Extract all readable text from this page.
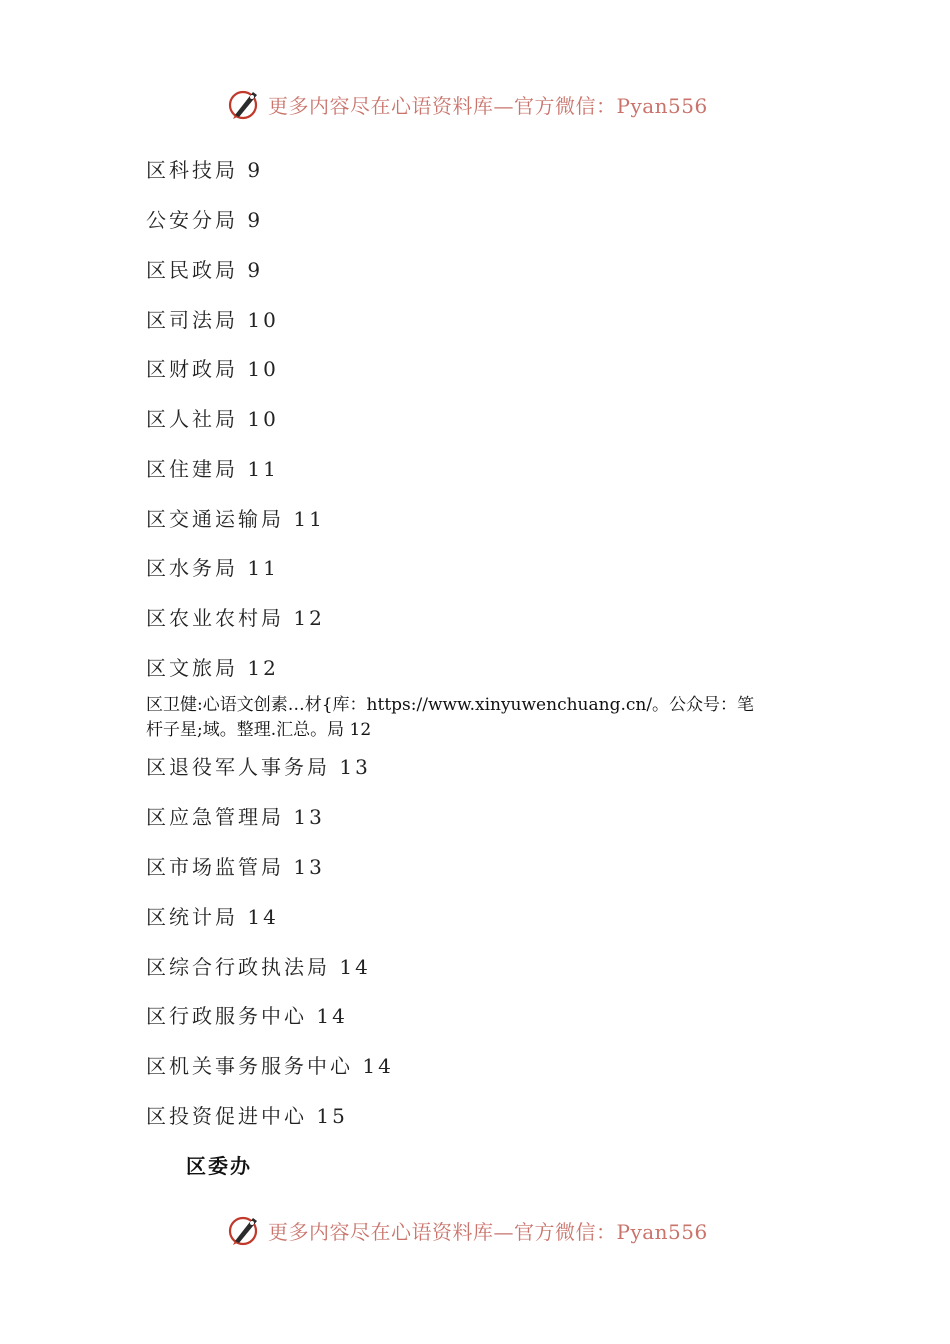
更多内容尽在心语资料库—官方微信：Pyan556
区科技局 9
公安分局 9
区民政局 9
区司法局 10
区财政局 10
区人社局 10
区住建局 11
区交通运输局 11
区水务局 11
区农业农村局 12
区文旅局 12
区退役军人事务局 13
区应急管理局 13
区市场监管局 13
区统计局 14
区综合行政执法局 14
区行政服务中心 14
区机关事务服务中心 14
区投资促进中心 15
区卫健:心语文创素…材{库：https://www.xinyuwenchuang.cn/。公众号：笔
杆子星;域。整理.汇总。局 12
区委办
更多内容尽在心语资料库—官方微信：Pyan556
